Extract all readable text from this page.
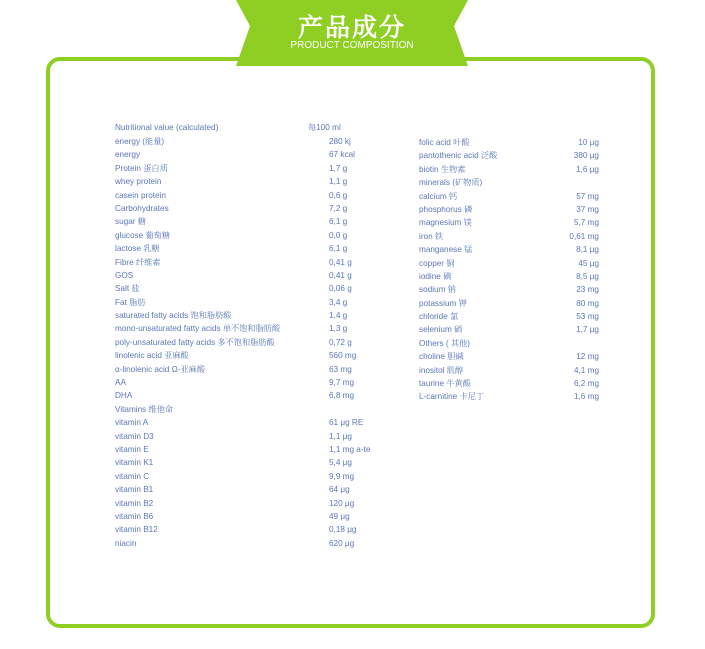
产品成分
PRODUCT COMPOSITION
Nutritional value (calculated)	每100 ml
energy (能量)	280 kj
energy	67 kcal
Protein 蛋白质	1,7 g
whey protein	1,1 g
casein protein	0,6 g
Carbohydrates	7,2 g
sugar 糖	6,1 g
glucose 葡萄糖	0,0 g
lactose 乳糖	6,1 g
Fibre 纤维素	0,41 g
GOS	0,41 g
Salt 盐	0,06 g
Fat 脂肪	3,4 g
saturated fatty acids 饱和脂肪酸	1,4 g
mono-unsaturated fatty acids 单不饱和脂肪酸	1,3 g
poly-unsaturated fatty acids 多不饱和脂肪酸	0,72 g
linolenic acid 亚麻酸	560 mg
α-linolenic acid Ω-亚麻酸	63 mg
AA	9,7 mg
DHA	6,8 mg
Vitamins 维他命
vitamin A	61 μg RE
vitamin D3	1,1 μg
vitamin E	1,1 mg a-te
vitamin K1	5,4 μg
vitamin C	9,9 mg
vitamin B1	64 μg
vitamin B2	120 μg
vitamin B6	49 μg
vitamin B12	0,18 μg
niacin	620 μg
folic acid 叶酸	10 μg
pantothenic acid 泛酸	380 μg
biotin 生物素	1,6 μg
minerals (矿物质)
calcium 钙	57 mg
phosphorus 磷	37 mg
magnesium 镁	5,7 mg
iron 铁	0,61 mg
manganese 锰	8,1 μg
copper 铜	45 μg
iodine 碘	8,5 μg
sodium 钠	23 mg
potassium 钾	80 mg
chloride 氯	53 mg
selenium 硒	1,7 μg
Others ( 其他)
choline 胆碱	12 mg
inositol 肌醇	4,1 mg
taurine 牛黄酸	6,2 mg
L-carnitine 卡尼丁	1,6 mg
